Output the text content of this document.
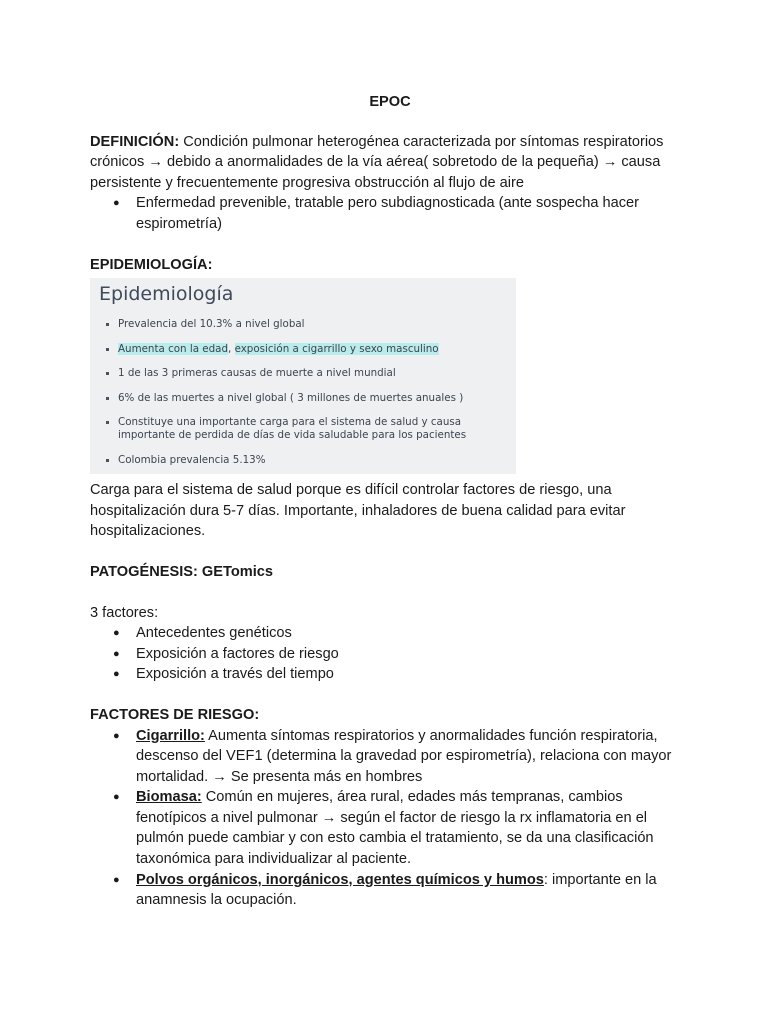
EPOC

DEFINICIÓN: Condición pulmonar heterogénea caracterizada por síntomas respiratorios crónicos → debido a anormalidades de la vía aérea( sobretodo de la pequeña) → causa persistente y frecuentemente progresiva obstrucción al flujo de aire

● Enfermedad prevenible, tratable pero subdiagnosticada (ante sospecha hacer espirometría)

EPIDEMIOLOGÍA:

Epidemiología
Prevalencia del 10.3% a nivel global
Aumenta con la edad, exposición a cigarrillo y sexo masculino
1 de las 3 primeras causas de muerte a nivel mundial
6% de las muertes a nivel global ( 3 millones de muertes anuales )
Constituye una importante carga para el sistema de salud y causa importante de perdida de días de vida saludable para los pacientes
Colombia prevalencia 5.13%

Carga para el sistema de salud porque es difícil controlar factores de riesgo, una hospitalización dura 5-7 días. Importante, inhaladores de buena calidad para evitar hospitalizaciones.

PATOGÉNESIS: GETomics

3 factores:

● Antecedentes genéticos
● Exposición a factores de riesgo
● Exposición a través del tiempo

FACTORES DE RIESGO:

● Cigarrillo: Aumenta síntomas respiratorios y anormalidades función respiratoria, descenso del VEF1 (determina la gravedad por espirometría), relaciona con mayor mortalidad. → Se presenta más en hombres
● Biomasa: Común en mujeres, área rural, edades más tempranas, cambios fenotípicos a nivel pulmonar → según el factor de riesgo la rx inflamatoria en el pulmón puede cambiar y con esto cambia el tratamiento, se da una clasificación taxonómica para individualizar al paciente.
● Polvos orgánicos, inorgánicos, agentes químicos y humos: importante en la anamnesis la ocupación.
